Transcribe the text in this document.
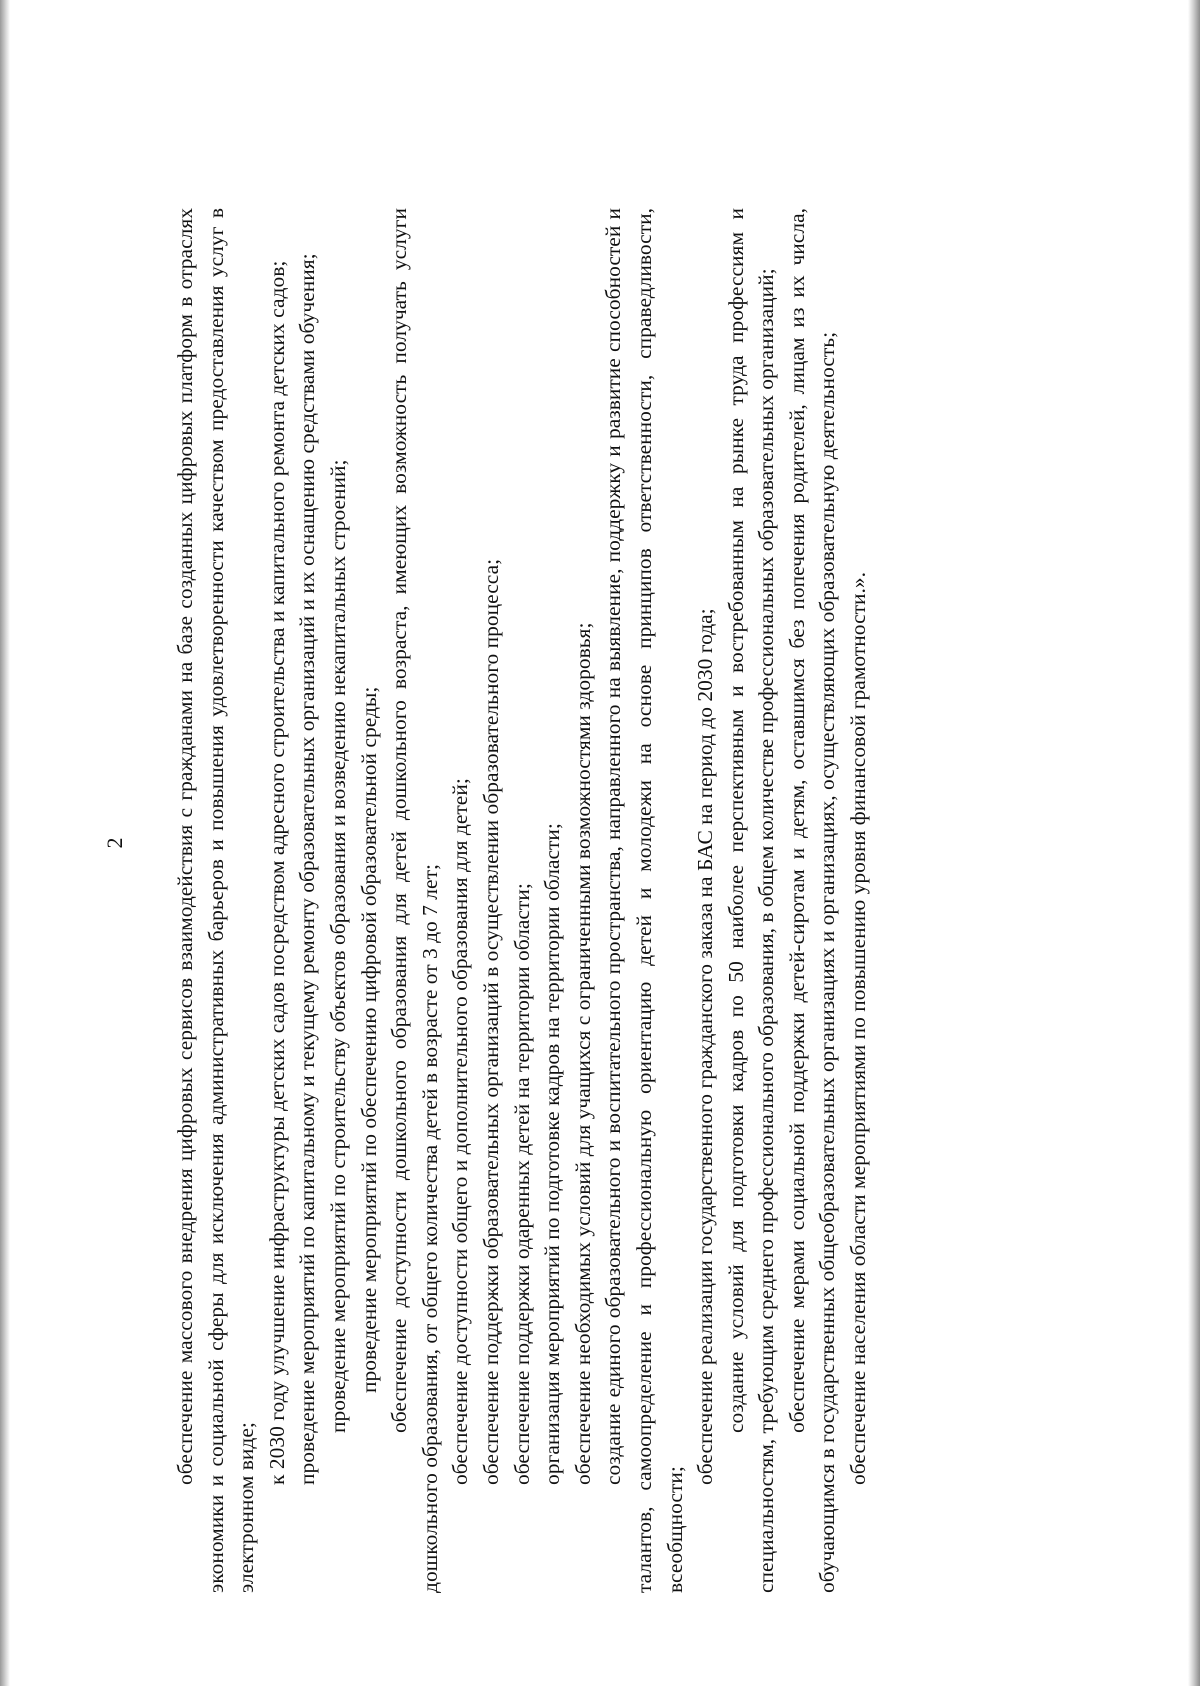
2 обеспечение массового внедрения цифровых сервисов взаимодействия с гражданами на базе созданных цифровых платформ в отраслях экономики и социальной сферы для исключения административных барьеров и повышения удовлетворенности качеством предоставления услуг в электронном виде;

к 2030 году улучшение инфраструктуры детских садов посредством адресного строительства и капитального ремонта детских садов; проведение мероприятий по капитальному и текущему ремонту образовательных организаций и их оснащению средствами обучения; проведение мероприятий по строительству объектов образования и возведению некапитальных строений; проведение мероприятий по обеспечению цифровой образовательной среды; обеспечение доступности дошкольного образования для детей дошкольного возраста, имеющих возможность получать услуги дошкольного образования, от общего количества детей в возрасте от 3 до 7 лет; обеспечение доступности общего и дополнительного образования для детей; обеспечение поддержки образовательных организаций в осуществлении образовательного процесса; обеспечение поддержки одаренных детей на территории области; организация мероприятий по подготовке кадров на территории области; обеспечение необходимых условий для учащихся с ограниченными возможностями здоровья; создание единого образовательного и воспитательного пространства, направленного на выявление, поддержку и развитие способностей и талантов, самоопределение и профессиональную ориентацию детей и молодежи на основе принципов ответственности, справедливости, всеобщности;

обеспечение реализации государственного гражданского заказа на БАС на период до 2030 года; создание условий для подготовки кадров по 50 наиболее перспективным и востребованным на рынке труда профессиям и специальностям, требующим среднего профессионального образования, в общем количестве профессиональных образовательных организаций; обеспечение мерами социальной поддержки детей-сиротам и детям, оставшимся без попечения родителей, лицам из их числа, обучающимся в государственных общеобразовательных организациях и организациях, осуществляющих образовательную деятельность; обеспечение населения области мероприятиями по повышению уровня финансовой грамотности.».
